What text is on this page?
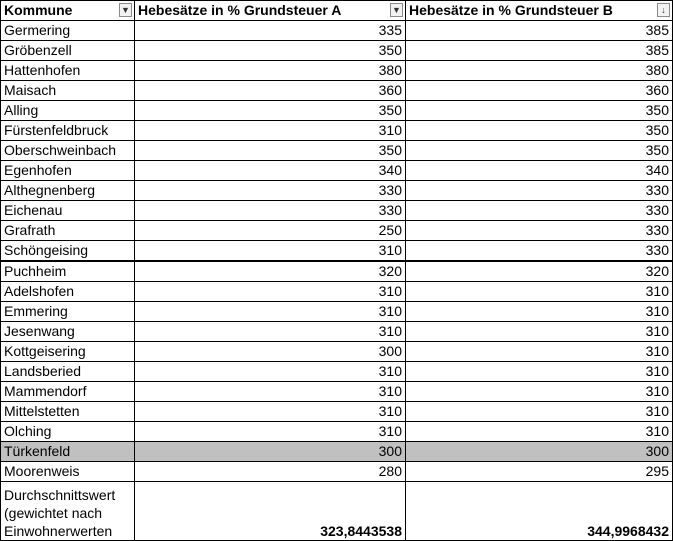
Kommune ▼	Hebesätze in % Grundsteuer A ▼	Hebesätze in % Grundsteuer B ↓

Germering	335	385
Gröbenzell	350	385
Hattenhofen	380	380
Maisach	360	360
Alling	350	350
Fürstenfeldbruck	310	350
Oberschweinbach	350	350
Egenhofen	340	340
Althegnenberg	330	330
Eichenau	330	330
Grafrath	250	330
Schöngeising	310	330
Puchheim	320	320
Adelshofen	310	310
Emmering	310	310
Jesenwang	310	310
Kottgeisering	300	310
Landsberied	310	310
Mammendorf	310	310
Mittelstetten	310	310
Olching	310	310
Türkenfeld	300	300
Moorenweis	280	295
Durchschnittswert (gewichtet nach Einwohnerwerten	323,8443538	344,9968432
